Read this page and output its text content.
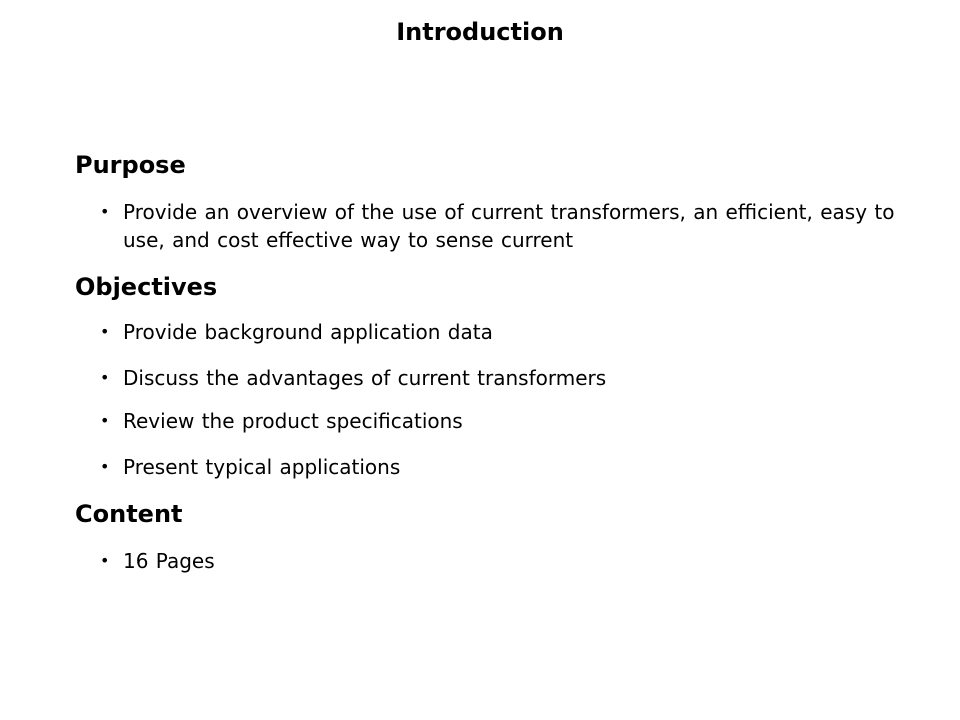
Introduction
Purpose
• Provide an overview of the use of current transformers, an efficient, easy to use, and cost effective way to sense current
Objectives
• Provide background application data
• Discuss the advantages of current transformers
• Review the product specifications
• Present typical applications
Content
• 16 Pages
